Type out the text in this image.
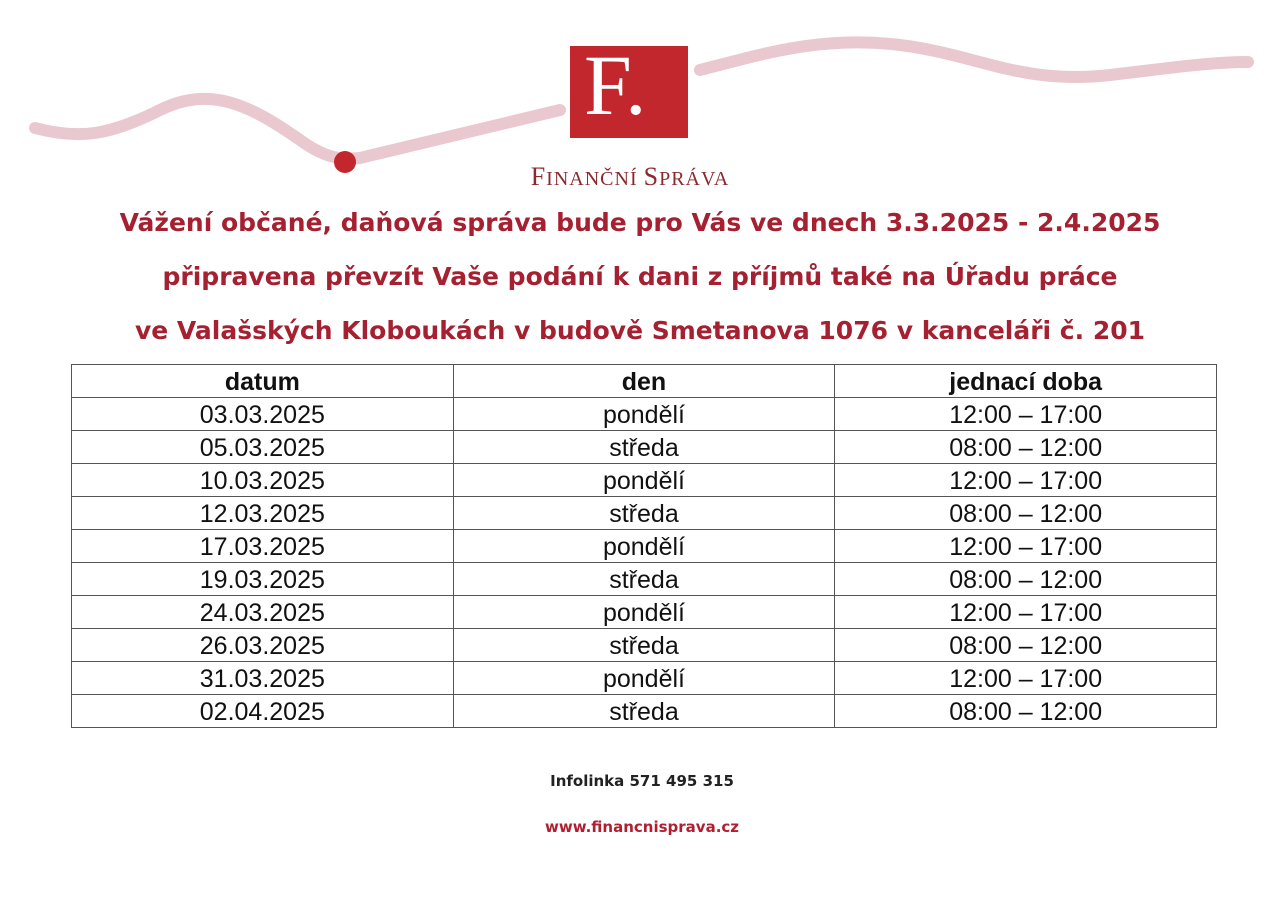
F.
FINANČNÍ SPRÁVA
Vážení občané, daňová správa bude pro Vás ve dnech 3.3.2025 - 2.4.2025
připravena převzít Vaše podání k dani z příjmů také na Úřadu práce
ve Valašských Kloboukách v budově Smetanova 1076 v kanceláři č. 201
datum	den	jednací doba
03.03.2025	pondělí	12:00 – 17:00
05.03.2025	středa	08:00 – 12:00
10.03.2025	pondělí	12:00 – 17:00
12.03.2025	středa	08:00 – 12:00
17.03.2025	pondělí	12:00 – 17:00
19.03.2025	středa	08:00 – 12:00
24.03.2025	pondělí	12:00 – 17:00
26.03.2025	středa	08:00 – 12:00
31.03.2025	pondělí	12:00 – 17:00
02.04.2025	středa	08:00 – 12:00
Infolinka 571 495 315
www.financnisprava.cz
